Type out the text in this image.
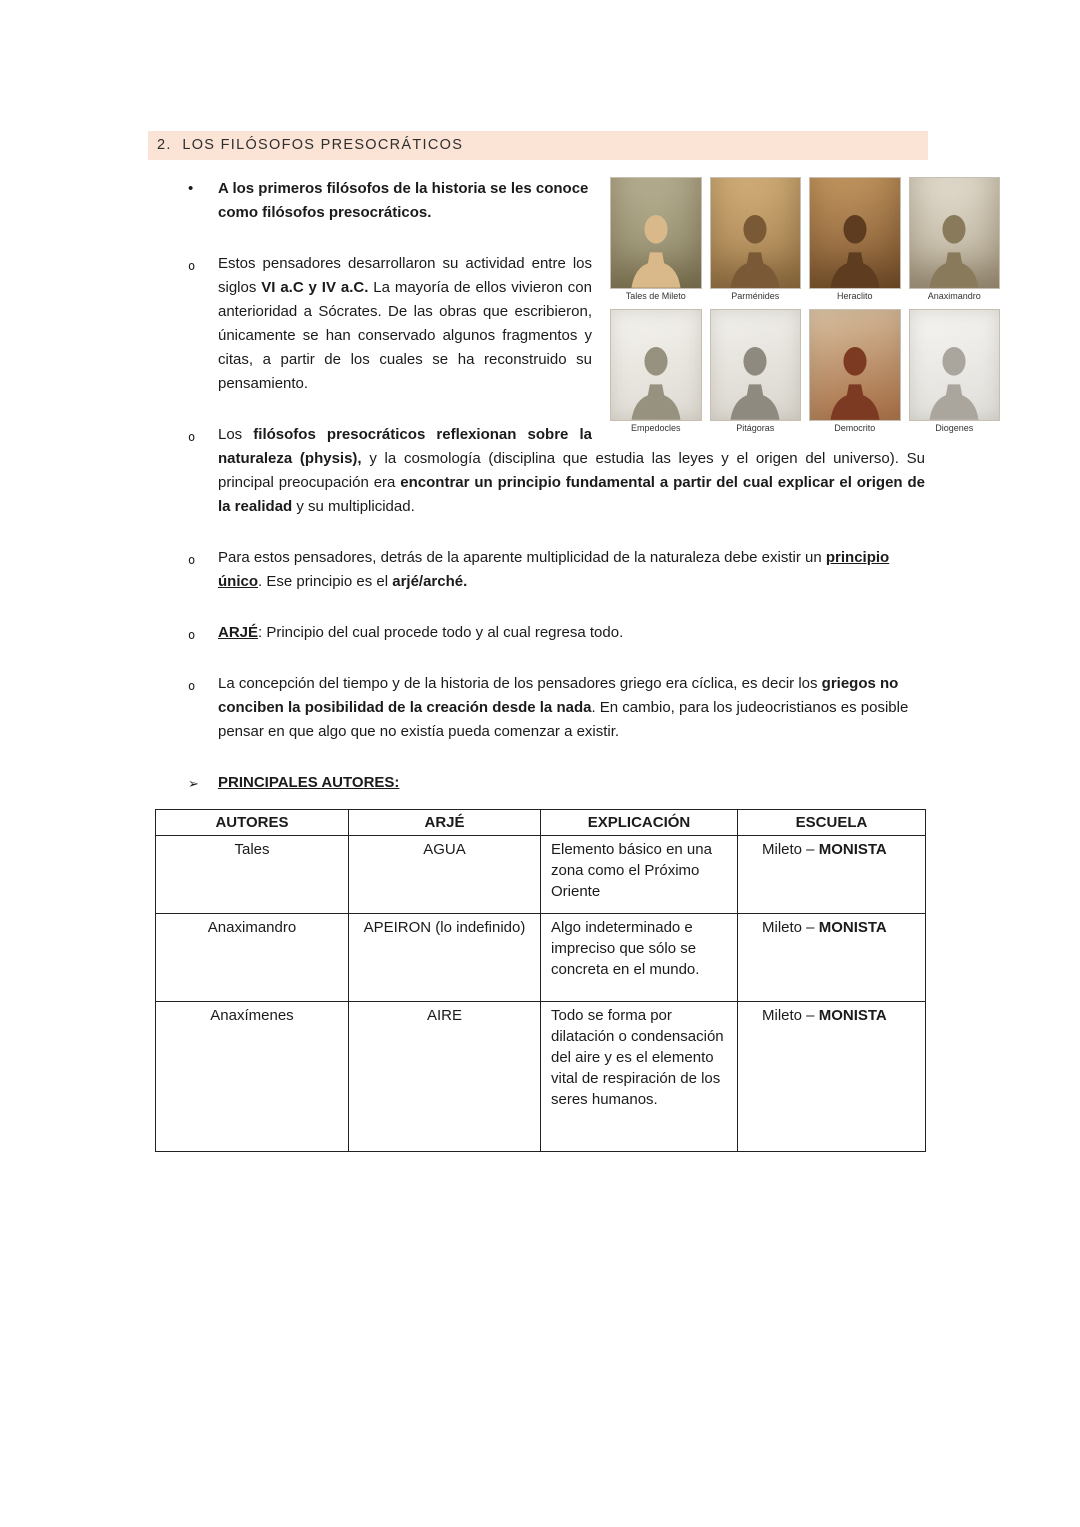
2.  LOS FILÓSOFOS PRESOCRÁTICOS
Tales de Mileto	Parménides	Heraclito	Anaximandro
Empedocles	Pitágoras	Democrito	Diogenes
• A los primeros filósofos de la historia se les conoce como filósofos presocráticos.
o Estos pensadores desarrollaron su actividad entre los siglos VI a.C y IV a.C. La mayoría de ellos vivieron con anterioridad a Sócrates. De las obras que escribieron, únicamente se han conservado algunos fragmentos y citas, a partir de los cuales se ha reconstruido su pensamiento.
o Los filósofos presocráticos reflexionan sobre la naturaleza (physis), y la cosmología (disciplina que estudia las leyes y el origen del universo). Su principal preocupación era encontrar un principio fundamental a partir del cual explicar el origen de la realidad y su multiplicidad.
o Para estos pensadores, detrás de la aparente multiplicidad de la naturaleza debe existir un principio único. Ese principio es el arjé/arché.
o ARJÉ: Principio del cual procede todo y al cual regresa todo.
o La concepción del tiempo y de la historia de los pensadores griego era cíclica, es decir los griegos no conciben la posibilidad de la creación desde la nada. En cambio, para los judeocristianos es posible pensar en que algo que no existía pueda comenzar a existir.
➢ PRINCIPALES AUTORES:
AUTORES	ARJÉ	EXPLICACIÓN	ESCUELA
Tales	AGUA	Elemento básico en una zona como el Próximo Oriente	Mileto – MONISTA
Anaximandro	APEIRON (lo indefinido)	Algo indeterminado e impreciso que sólo se concreta en el mundo.	Mileto – MONISTA
Anaxímenes	AIRE	Todo se forma por dilatación o condensación del aire y es el elemento vital de respiración de los seres humanos.	Mileto – MONISTA
